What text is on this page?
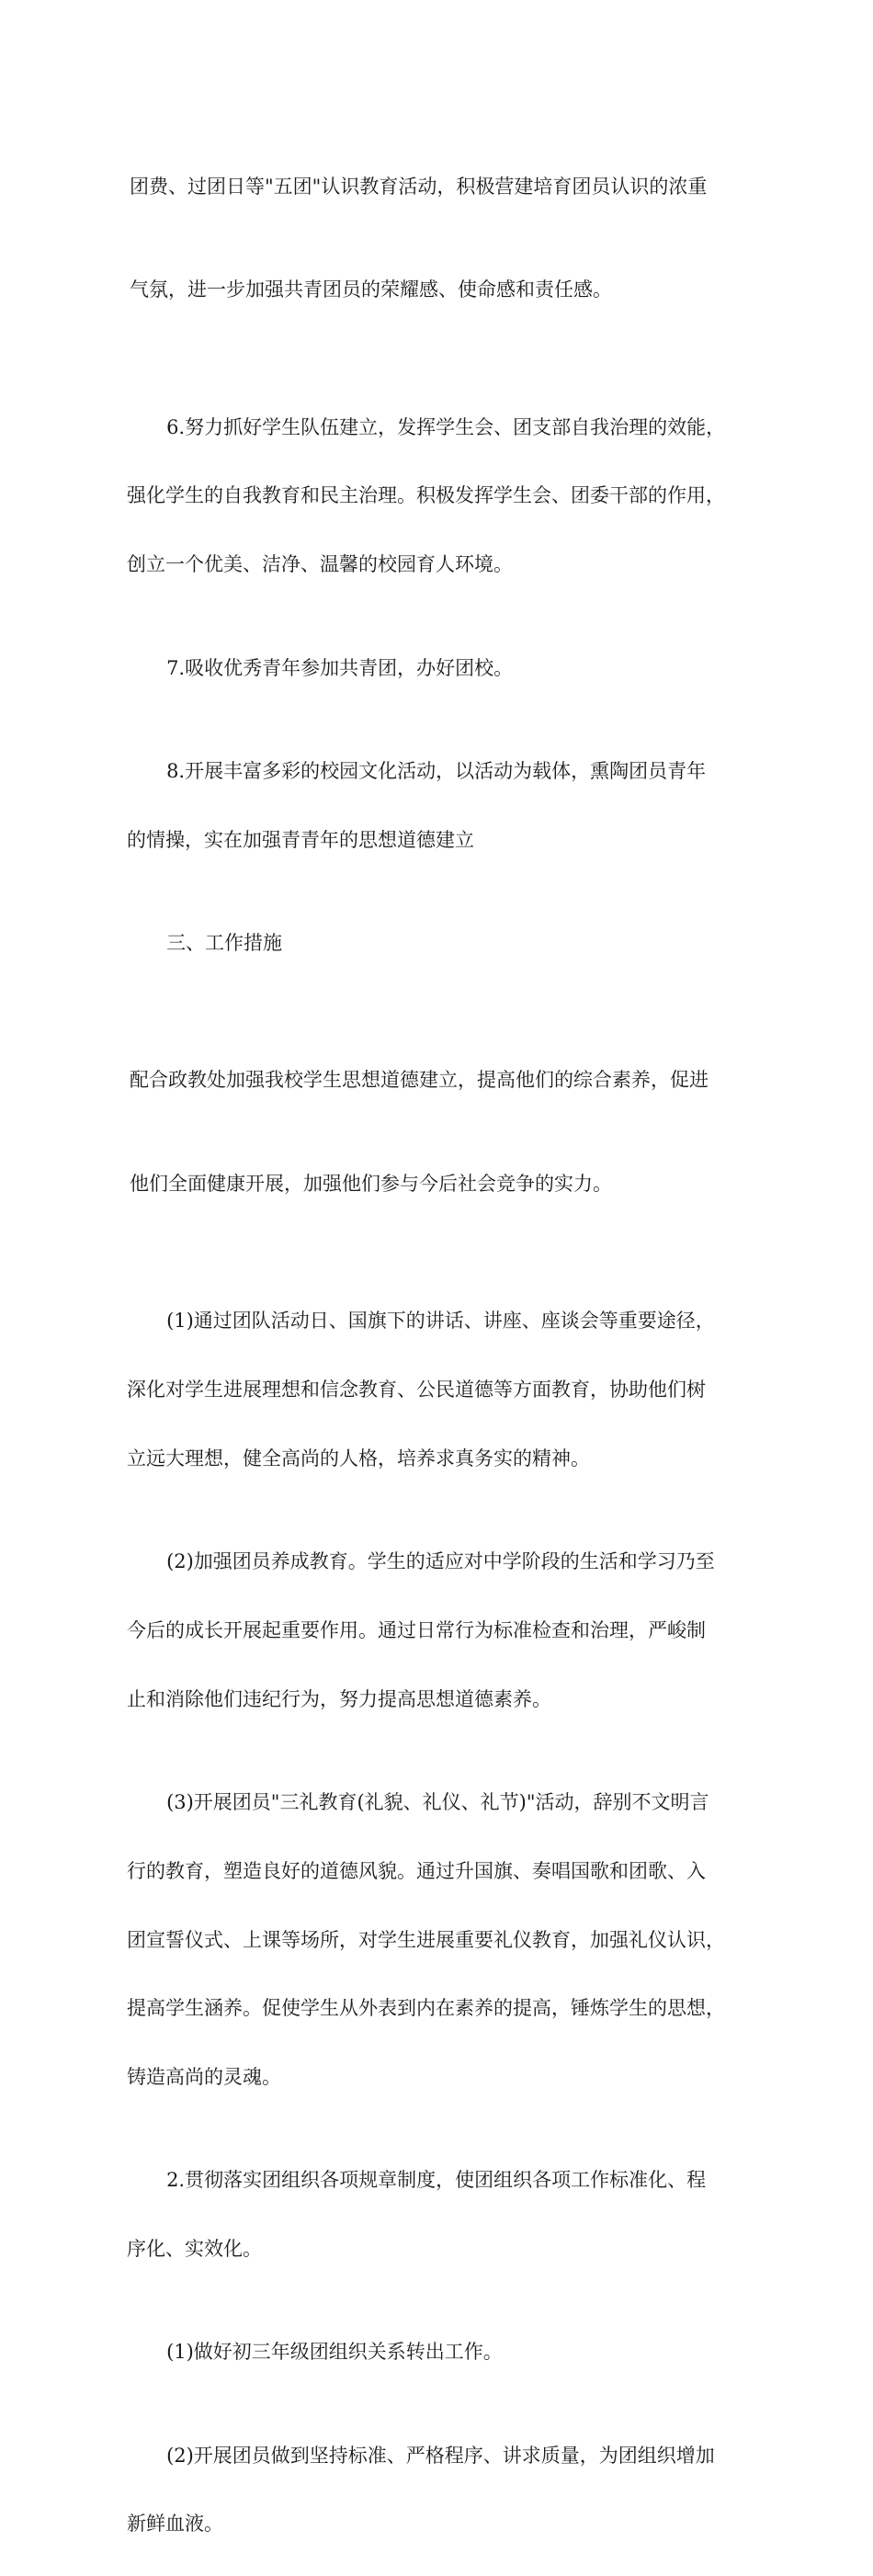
团费、过团日等"五团"认识教育活动，积极营建培育团员认识的浓重

气氛，进一步加强共青团员的荣耀感、使命感和责任感。

6.努力抓好学生队伍建立，发挥学生会、团支部自我治理的效能，

强化学生的自我教育和民主治理。积极发挥学生会、团委干部的作用，

创立一个优美、洁净、温馨的校园育人环境。

7.吸收优秀青年参加共青团，办好团校。

8.开展丰富多彩的校园文化活动，以活动为载体，熏陶团员青年

的情操，实在加强青青年的思想道德建立

三、工作措施

配合政教处加强我校学生思想道德建立，提高他们的综合素养，促进

他们全面健康开展，加强他们参与今后社会竞争的实力。

(1)通过团队活动日、国旗下的讲话、讲座、座谈会等重要途径，

深化对学生进展理想和信念教育、公民道德等方面教育，协助他们树

立远大理想，健全高尚的人格，培养求真务实的精神。

(2)加强团员养成教育。学生的适应对中学阶段的生活和学习乃至

今后的成长开展起重要作用。通过日常行为标准检查和治理，严峻制

止和消除他们违纪行为，努力提高思想道德素养。

(3)开展团员"三礼教育(礼貌、礼仪、礼节)"活动，辞别不文明言

行的教育，塑造良好的道德风貌。通过升国旗、奏唱国歌和团歌、入

团宣誓仪式、上课等场所，对学生进展重要礼仪教育，加强礼仪认识，

提高学生涵养。促使学生从外表到内在素养的提高，锤炼学生的思想，

铸造高尚的灵魂。

2.贯彻落实团组织各项规章制度，使团组织各项工作标准化、程

序化、实效化。

(1)做好初三年级团组织关系转出工作。

(2)开展团员做到坚持标准、严格程序、讲求质量，为团组织增加

新鲜血液。
